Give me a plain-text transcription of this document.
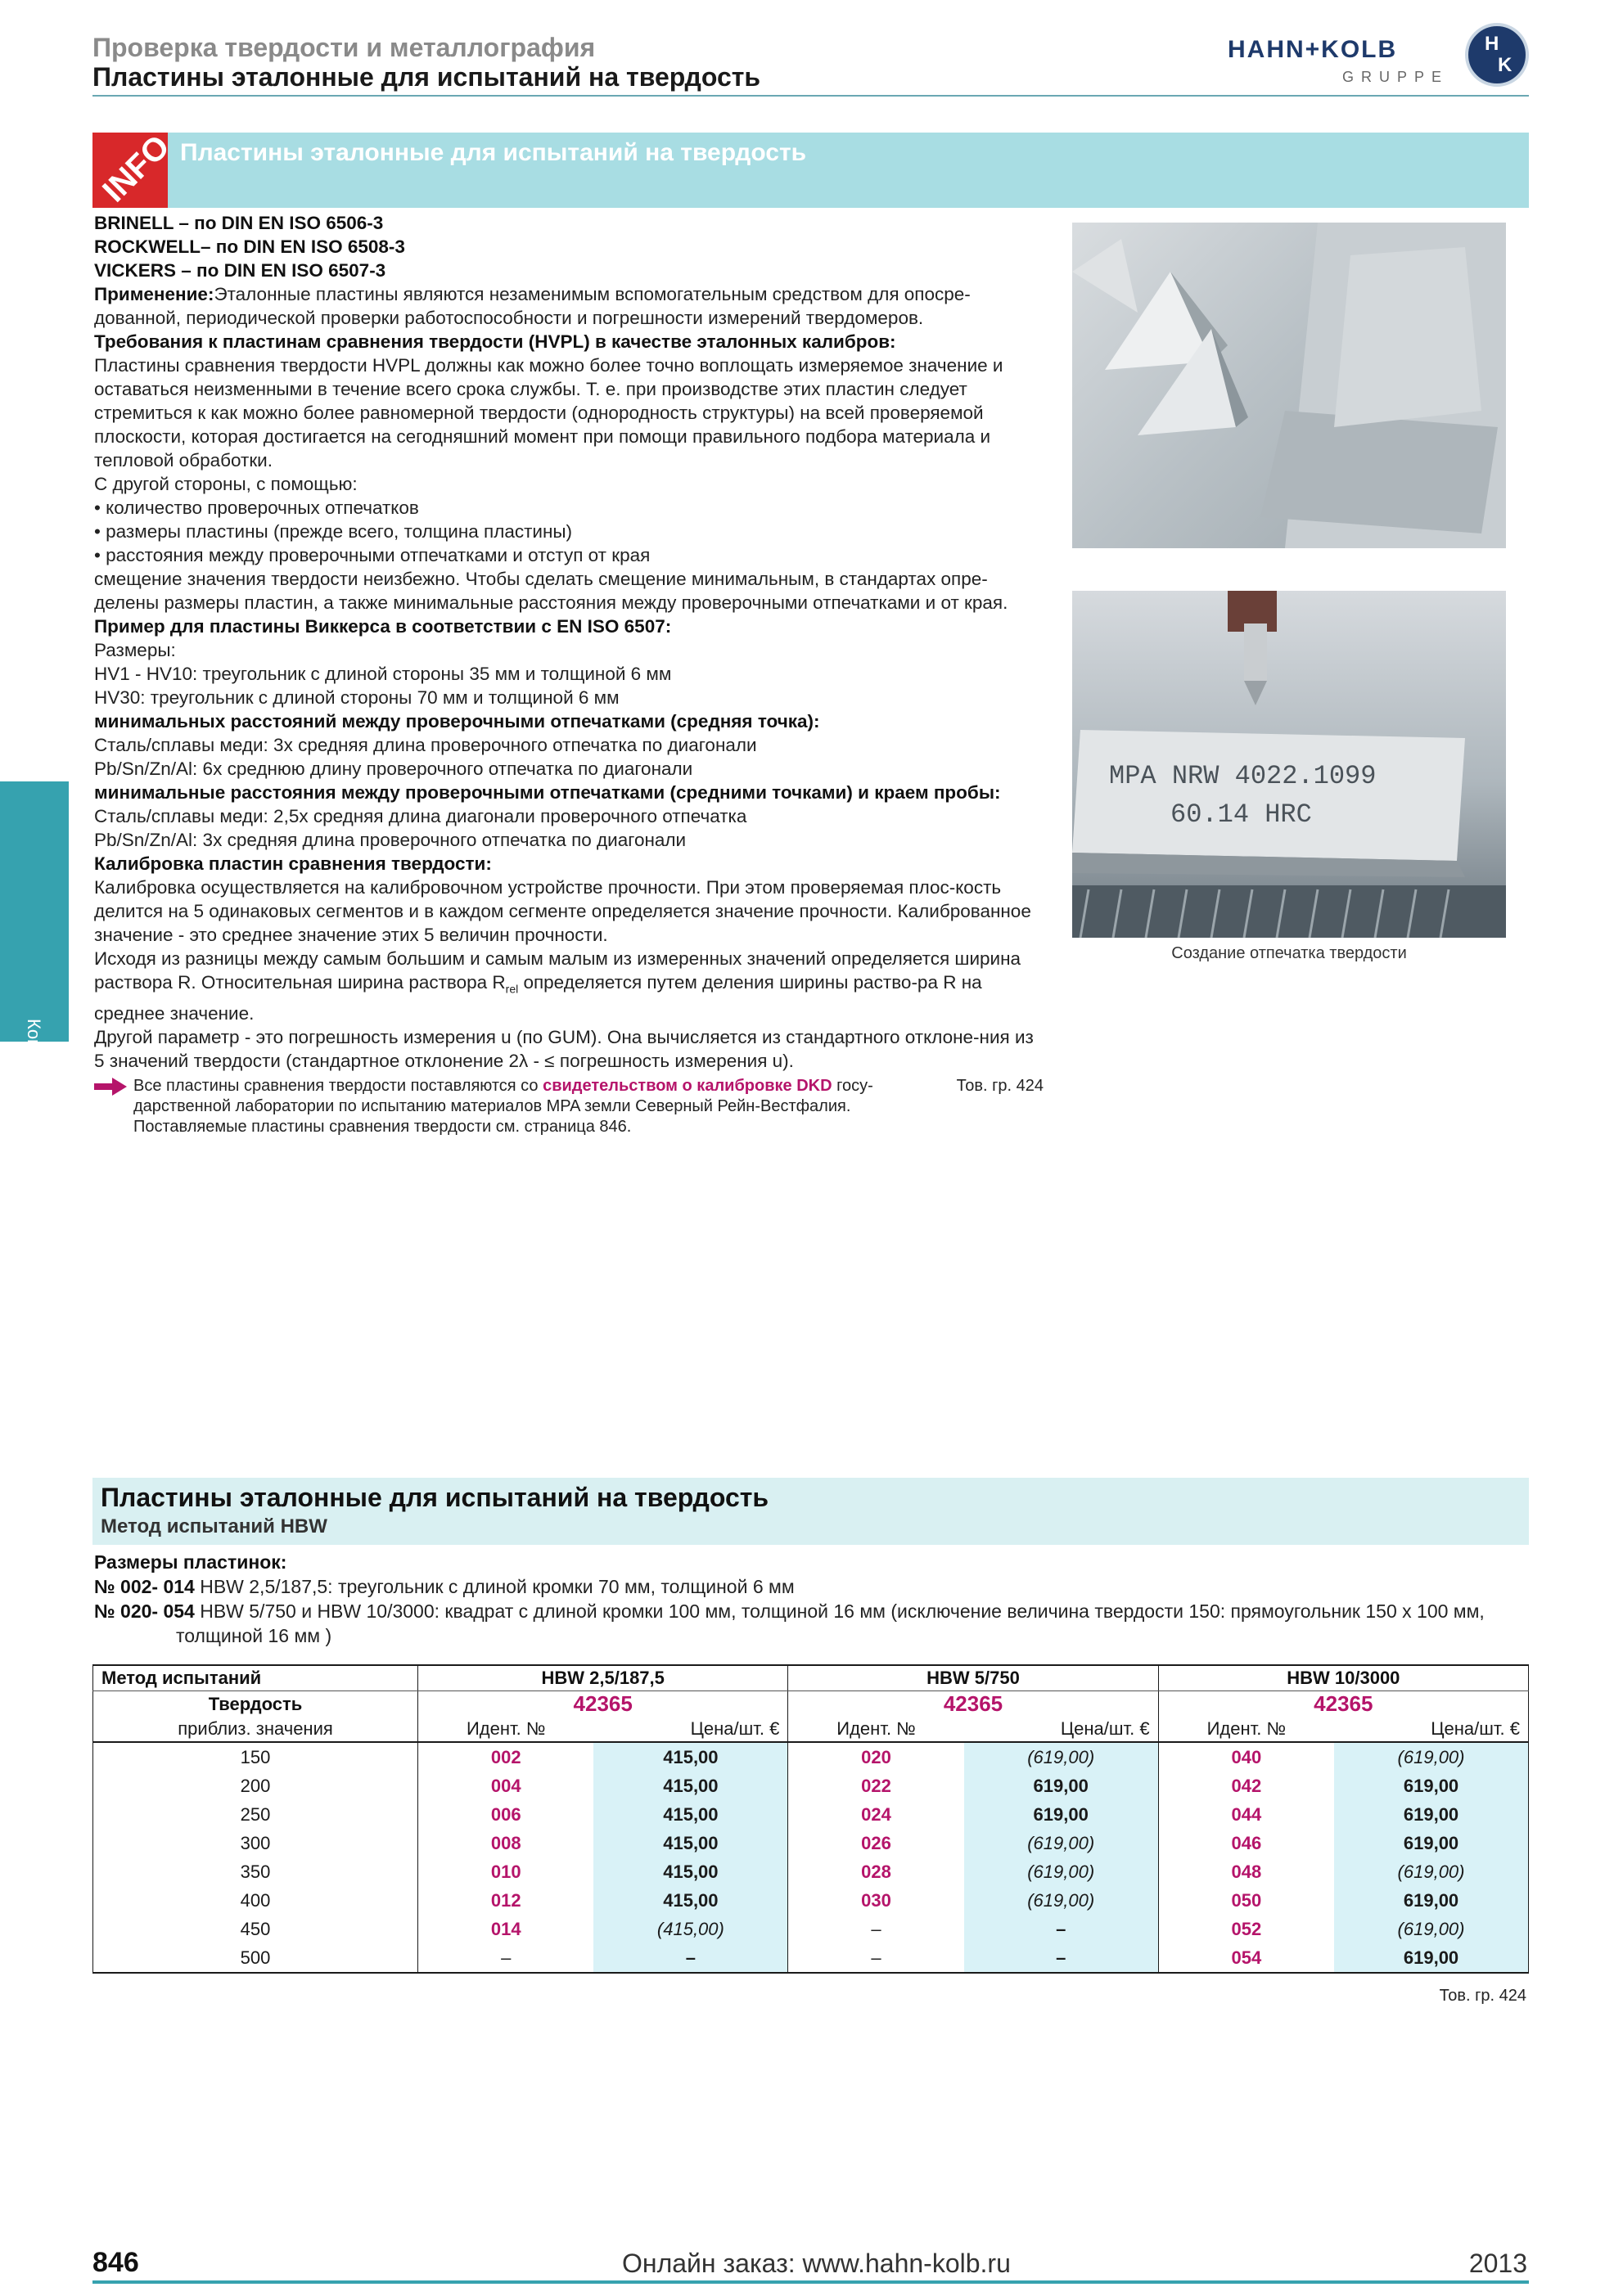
Проверка твердости и металлография
Пластины эталонные для испытаний на твердость
HAHN+KOLB
GRUPPE
H
K
INFO Пластины эталонные для испытаний на твердость
Контрольный инстр.

BRINELL – по DIN EN ISO 6506-3

ROCKWELL– по DIN EN ISO 6508-3

VICKERS – по DIN EN ISO 6507-3

Применение:Эталонные пластины являются незаменимым вспомогательным средством для опосре-дованной, периодической проверки работоспособности и погрешности измерений твердомеров.

Требования к пластинам сравнения твердости (HVPL) в качестве эталонных калибров:

Пластины сравнения твердости HVPL должны как можно более точно воплощать измеряемое значение и оставаться неизменными в течение всего срока службы. Т. е. при производстве этих пластин следует стремиться к как можно более равномерной твердости (однородность структуры) на всей проверяемой плоскости, которая достигается на сегодняшний момент при помощи правильного подбора материала и тепловой обработки.

С другой стороны, с помощью:

• количество проверочных отпечатков

• размеры пластины (прежде всего, толщина пластины)

• расстояния между проверочными отпечатками и отступ от края

смещение значения твердости неизбежно. Чтобы сделать смещение минимальным, в стандартах опре-делены размеры пластин, а также минимальные расстояния между проверочными отпечатками и от края.

Пример для пластины Виккерса в соответствии с EN ISO 6507:

Размеры:

HV1 - HV10: треугольник с длиной стороны 35 мм и толщиной 6 мм

HV30: треугольник с длиной стороны 70 мм и толщиной 6 мм

минимальных расстояний между проверочными отпечатками (средняя точка):

Сталь/сплавы меди: 3х средняя длина проверочного отпечатка по диагонали

Pb/Sn/Zn/Al: 6х среднюю длину проверочного отпечатка по диагонали

минимальные расстояния между проверочными отпечатками (средними точками) и краем пробы:

Сталь/сплавы меди: 2,5х средняя длина диагонали проверочного отпечатка

Pb/Sn/Zn/Al: 3х средняя длина проверочного отпечатка по диагонали

Калибровка пластин сравнения твердости:

Калибровка осуществляется на калибровочном устройстве прочности. При этом проверяемая плос-кость делится на 5 одинаковых сегментов и в каждом сегменте определяется значение прочности. Калиброванное значение - это среднее значение этих 5 величин прочности.

Исходя из разницы между самым большим и самым малым из измеренных значений определяется ширина раствора R. Относительная ширина раствора $R_{rel}$ определяется путем деления ширины раство-ра R на среднее значение.

Другой параметр - это погрешность измерения u (по GUM). Она вычисляется из стандартного отклоне-ния из 5 значений твердости (стандартное отклонение 2λ - ≤ погрешность измерения u).

Все пластины сравнения твердости поставляются со свидетельством о калибровке DKD госу-дарственной лаборатории по испытанию материалов MPA земли Северный Рейн-Вестфалия. Поставляемые пластины сравнения твердости см. страница 846.
Тов. гр. 424
MPA NRW 4022.1099
60.14 HRC
Создание отпечатка твердости
Пластины эталонные для испытаний на твердость
Метод испытаний HBW

Размеры пластинок:

№ 002- 014 HBW 2,5/187,5: треугольник с длиной кромки 70 мм, толщиной 6 мм

№ 020- 054 HBW 5/750 и HBW 10/3000: квадрат с длиной кромки 100 мм, толщиной 16 мм (исключение величина твердости 150: прямоугольник 150 х 100 мм, толщиной 16 мм )

Метод испытаний	HBW 2,5/187,5		HBW 5/750		HBW 10/3000	
Твердость	42365		42365		42365	
приблиз. значения	Идент. №	Цена/шт. €	Идент. №	Цена/шт. €	Идент. №	Цена/шт. €
150	002	415,00	020	(619,00)	040	(619,00)
200	004	415,00	022	619,00	042	619,00
250	006	415,00	024	619,00	044	619,00
300	008	415,00	026	(619,00)	046	619,00
350	010	415,00	028	(619,00)	048	(619,00)
400	012	415,00	030	(619,00)	050	619,00
450	014	(415,00)	–	–	052	(619,00)
500	–	–	–	–	054	619,00
Тов. гр. 424
846	Онлайн заказ: www.hahn-kolb.ru	2013
